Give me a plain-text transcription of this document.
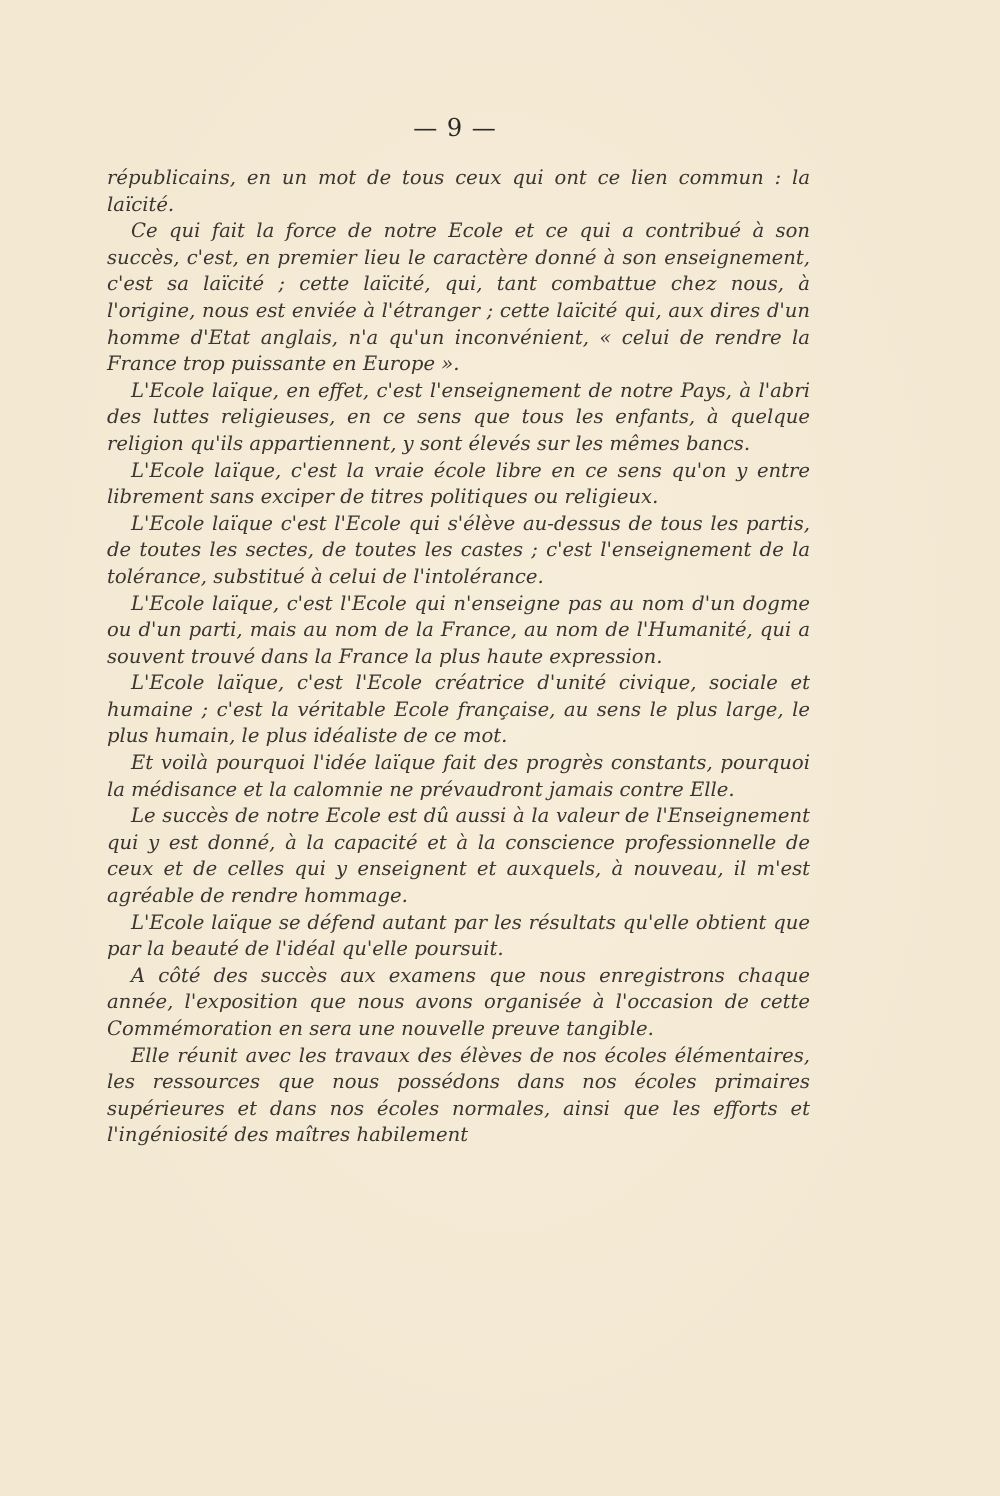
— 9 —

républicains, en un mot de tous ceux qui ont ce lien commun : la laïcité.

Ce qui fait la force de notre Ecole et ce qui a contribué à son succès, c'est, en premier lieu le caractère donné à son enseignement, c'est sa laïcité ; cette laïcité, qui, tant combattue chez nous, à l'origine, nous est enviée à l'étranger ; cette laïcité qui, aux dires d'un homme d'Etat anglais, n'a qu'un inconvénient, « celui de rendre la France trop puissante en Europe ».

L'Ecole laïque, en effet, c'est l'enseignement de notre Pays, à l'abri des luttes religieuses, en ce sens que tous les enfants, à quelque religion qu'ils appartiennent, y sont élevés sur les mêmes bancs.

L'Ecole laïque, c'est la vraie école libre en ce sens qu'on y entre librement sans exciper de titres politiques ou religieux.

L'Ecole laïque c'est l'Ecole qui s'élève au-dessus de tous les partis, de toutes les sectes, de toutes les castes ; c'est l'enseignement de la tolérance, substitué à celui de l'intolérance.

L'Ecole laïque, c'est l'Ecole qui n'enseigne pas au nom d'un dogme ou d'un parti, mais au nom de la France, au nom de l'Humanité, qui a souvent trouvé dans la France la plus haute expression.

L'Ecole laïque, c'est l'Ecole créatrice d'unité civique, sociale et humaine ; c'est la véritable Ecole française, au sens le plus large, le plus humain, le plus idéaliste de ce mot.

Et voilà pourquoi l'idée laïque fait des progrès constants, pourquoi la médisance et la calomnie ne prévaudront jamais contre Elle.

Le succès de notre Ecole est dû aussi à la valeur de l'Enseignement qui y est donné, à la capacité et à la conscience professionnelle de ceux et de celles qui y enseignent et auxquels, à nouveau, il m'est agréable de rendre hommage.

L'Ecole laïque se défend autant par les résultats qu'elle obtient que par la beauté de l'idéal qu'elle poursuit.

A côté des succès aux examens que nous enregistrons chaque année, l'exposition que nous avons organisée à l'occasion de cette Commémoration en sera une nouvelle preuve tangible.

Elle réunit avec les travaux des élèves de nos écoles élémentaires, les ressources que nous possédons dans nos écoles primaires supérieures et dans nos écoles normales, ainsi que les efforts et l'ingéniosité des maîtres habilement
